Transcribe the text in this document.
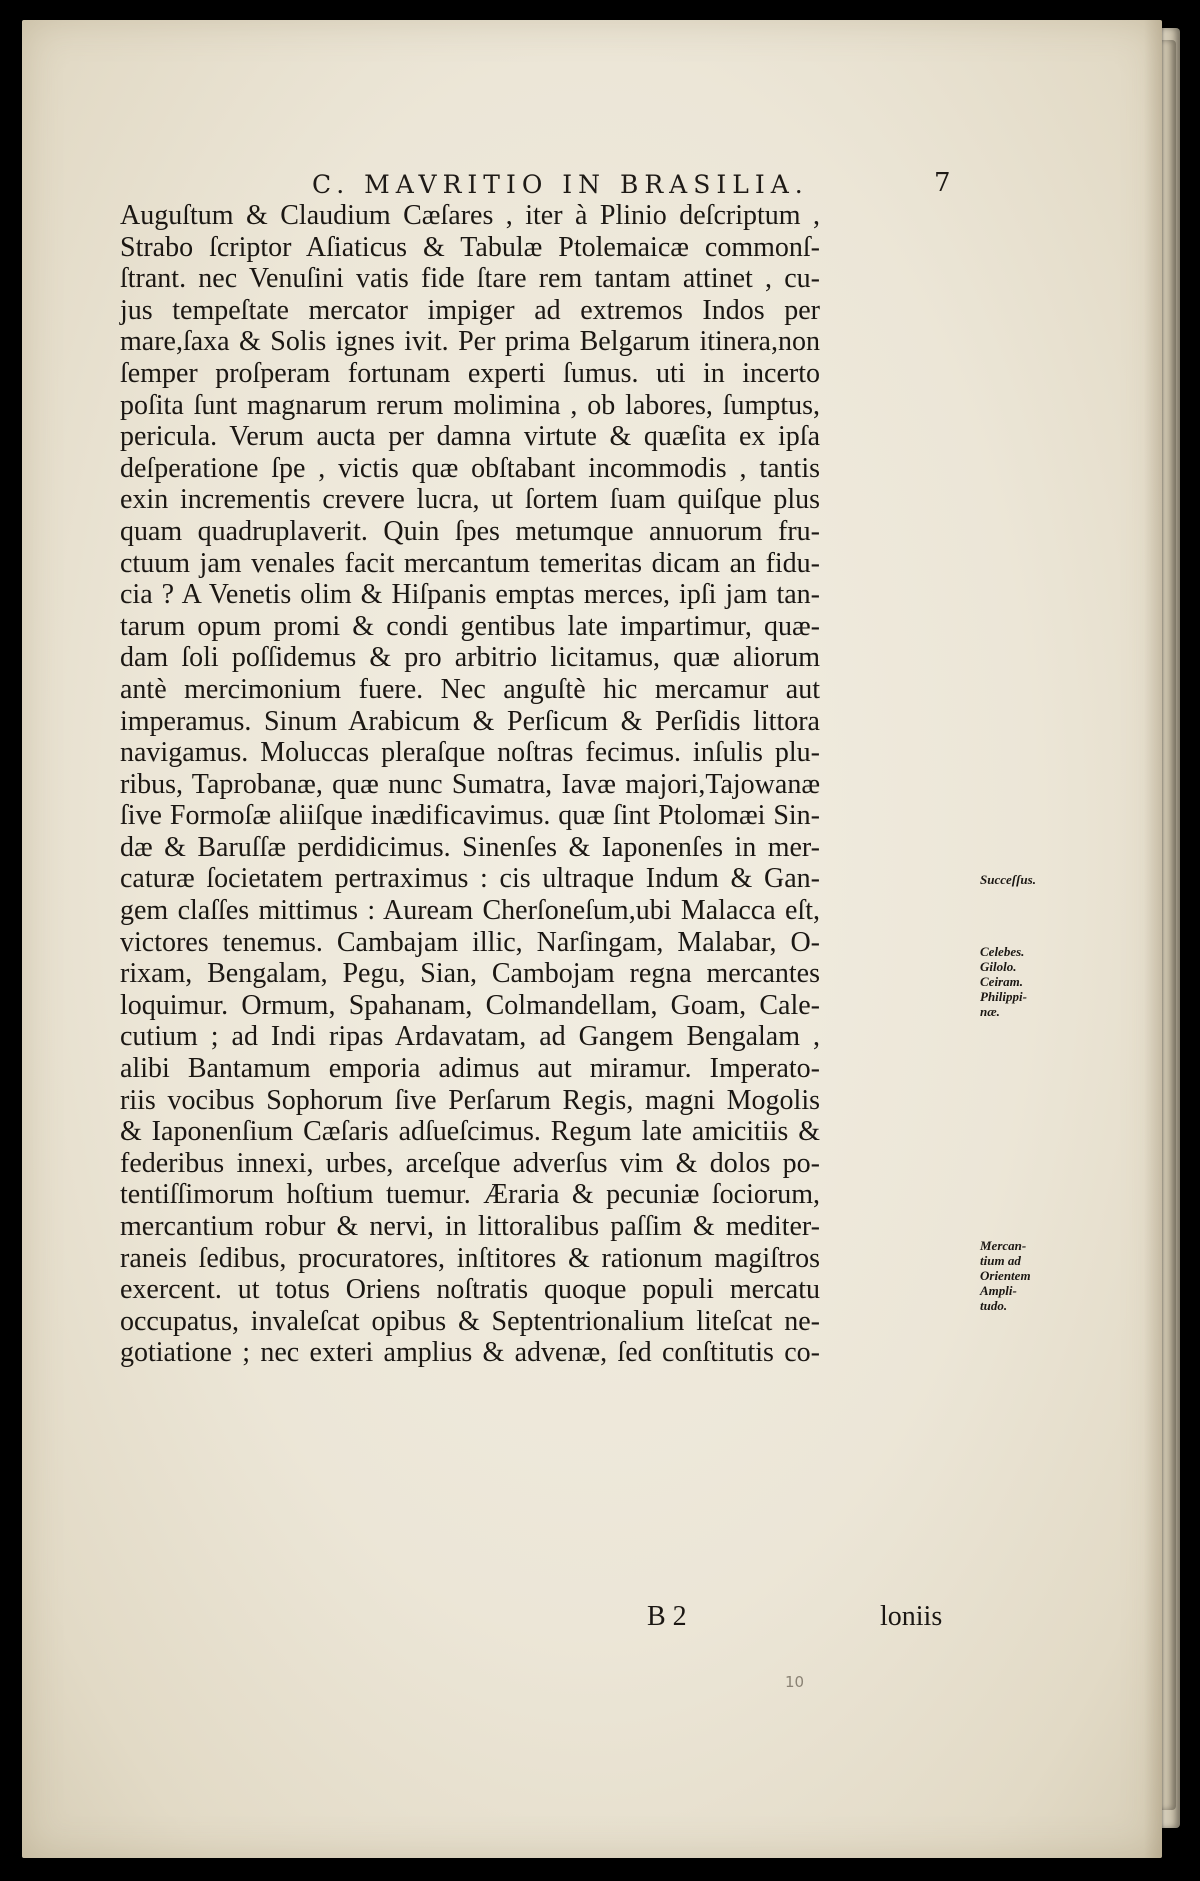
C. MAVRITIO IN BRASILIA.	7
Auguſtum & Claudium Cæſares , iter à Plinio deſcriptum ,
Strabo ſcriptor Aſiaticus & Tabulæ Ptolemaicæ commonſ-
ſtrant. nec Venuſini vatis fide ſtare rem tantam attinet , cu-
jus tempeſtate mercator impiger ad extremos Indos per
mare,ſaxa & Solis ignes ivit. Per prima Belgarum itinera,non
ſemper proſperam fortunam experti ſumus. uti in incerto
poſita ſunt magnarum rerum molimina , ob labores, ſumptus,
pericula. Verum aucta per damna virtute & quæſita ex ipſa
deſperatione ſpe , victis quæ obſtabant incommodis , tantis
exin incrementis crevere lucra, ut ſortem ſuam quiſque plus
quam quadruplaverit. Quin ſpes metumque annuorum fru-
ctuum jam venales facit mercantum temeritas dicam an fidu-
cia ? A Venetis olim & Hiſpanis emptas merces, ipſi jam tan-
tarum opum promi & condi gentibus late impartimur, quæ-
dam ſoli poſſidemus & pro arbitrio licitamus, quæ aliorum
antè mercimonium fuere. Nec anguſtè hic mercamur aut
imperamus. Sinum Arabicum & Perſicum & Perſidis littora
navigamus. Moluccas pleraſque noſtras fecimus. inſulis plu-
ribus, Taprobanæ, quæ nunc Sumatra, Iavæ majori,Tajowanæ
ſive Formoſæ aliiſque inædificavimus. quæ ſint Ptolomæi Sin-
dæ & Baruſſæ perdidicimus. Sinenſes & Iaponenſes in mer-
caturæ ſocietatem pertraximus : cis ultraque Indum & Gan-
gem claſſes mittimus : Auream Cherſoneſum,ubi Malacca eſt,
victores tenemus. Cambajam illic, Narſingam, Malabar, O-
rixam, Bengalam, Pegu, Sian, Cambojam regna mercantes
loquimur. Ormum, Spahanam, Colmandellam, Goam, Cale-
cutium ; ad Indi ripas Ardavatam, ad Gangem Bengalam ,
alibi Bantamum emporia adimus aut miramur. Imperato-
riis vocibus Sophorum ſive Perſarum Regis, magni Mogolis
& Iaponenſium Cæſaris adſueſcimus. Regum late amicitiis &
federibus innexi, urbes, arceſque adverſus vim & dolos po-
tentiſſimorum hoſtium tuemur. Æraria & pecuniæ ſociorum,
mercantium robur & nervi, in littoralibus paſſim & mediter-
raneis ſedibus, procuratores, inſtitores & rationum magiſtros
exercent. ut totus Oriens noſtratis quoque populi mercatu
occupatus, invaleſcat opibus & Septentrionalium liteſcat ne-
gotiatione ; nec exteri amplius & advenæ, ſed conſtitutis co-
Succeſſus.
Celebes.
Gilolo.
Ceiram.
Philippi-
næ.
Mercan-
tium ad
Orientem
Ampli-
tudo.
B 2	loniis
10
